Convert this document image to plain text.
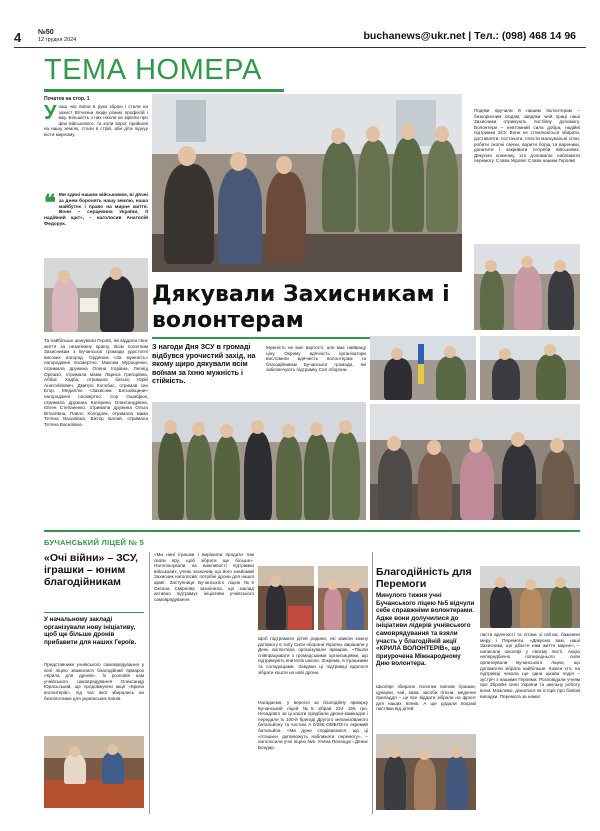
4 №50
12 грудня 2024	buchanews@ukr.net | Тел.: (098) 468 14 96
ТЕМА НОМЕРА
Початок на стор. 1
У наш час воїни в руки зброю і стали на захист Вітчизни люди різних професій і віку. Більшість з них ніколи не мріяли про фах військового, та коли ворог прийшов на нашу землю, стали в стрій, аби діти піднуу вісти мирному.
❝ Ми єдині нашим військовим, ві дячні за днем боронять нашу землю, наша майбутнє і право на мирне життя. Вони – серцевина України, її надійний щит», – наголосив Анатолій Федорук.
Та найбільше шанували Героїв, які віддали своє життя за незалежну країну. Всім полеглим Захисникам з Бучанської громади удостоєні високих нагород. Орденом «За мужність» нагороджені посмертно: Максим Мурощенко, отримала дружина Олена Ігорівна, Леонід Орешко, отримала мама Лариса Григорівна, Аббас Хадба, отримала батько Юрій Анатолійович, Дмитро Колобас, отримав син Егор. Медаллю «Захисник Батьківщини» нагороджені посмертно: Ігор Ошибрюк, отримала дружина Катерина Олександрівна, Євген Степаненко, отримала дружина Ольга Віталіївна, Павло Холодняк, отримала мама Тетяна Василівна, Віктор Балай, отримала Тетяна Василівна.
Дякували Захисникам і волонтерам
З нагоди Дня ЗСУ в громаді відбувся урочистий захід, на якому щиро дякували всім воїнам за їхню мужність і стійкість.
Мужність не має вартості, але має найвищу ціну. Окрему вдячність організатори висловили вдячність волонтерам та благодійникам Бучанської громади, які забезпечують підтримку Сил оборони.
Подяки вручили й нашим волонтерам – безкорисним людям, завдяки чиїй праці наші Захисники отримують постійну допомогу. Волонтери – невтомний сила добра, надійні підтримка ЗСУ. Вони не стомлюються збирати, доставляти, постачати, плести маскувальні сітки, робити окопні свічки, варити борщ та вареники, донатити і закривати потреби військових. Дякуємо кожному, хто допомагає наближати перемогу. Слава Україні! Слава нашим Героям!
БУЧАНСЬКИЙ ЛІЦЕЙ № 5
«Очі війни» – ЗСУ, іграшки – юним благодійникам
У начальному закладі організували нову ініціативу, щоб ще більше дронів прибавити для наших Героїв.
Представники учнівського самоврядування у колі ліцею зважилися благодійний ярмарок «Крила для дронів». Їх розповів нам учнівського самоврядування Олександр Юрасьський, ще продовжуючи акції «Крила волонтерів», під час якої збирались на безпілотники для українських воїнів.
«Ми нині іграшки і вирішили продати тим своїм яру, щоб зібрати ще більше». Наголошували на важливості підтримки військових, учень зазначив, що його знайомий Захисник наголосив: потрібні дрони для нашої армії. Заступниця Бучанського ліцею №5 Оксана Смірнова зазначила, що заклад активно підтримує ініціативи учнівського самоврядування.
Щоб підтримати дітей родини, які звикли кожну допомогу в тилу Сили оборони України, вирішили у День волонтера організували ярмарок. «Пішли співпрацювати з громадськими організаціями, що підтримують вчителів школи. Зокрема, й іграшками та солодощами. Завдяки ці підтримці вдалося зібрати кошти на нові дрони.
Нагадаємо, у вересні за благодійну ярмарку Бучанський ліцей №5 зібрав 224 156 грн. Незадовго за ці кошти придбали дрони-камікадзе і передали їх 100-й бригаді Другого механізованого батальйону та частині A 0/295 ОМБП3-го окремий батальйон. «Ми дуже сподіваємося, що ці «пташки» допоможуть наближати перемогу», – наголосили учні ліцею №5. Уляна Пелещук і Денис Бондар.
Благодійність для Перемоги
Минулого тижня учні Бучанського ліцею №5 відчули себе справжніми волонтерами. Адже вони долучилися до ініціативи лідерів учнівського самоврядування та взяли участь у благодійній акції «КРИЛА ВОЛОНТЕРІВ», що приурочена Міжнародному Дню волонтера.
Школярі збирали посилки воїнам іграшки, цукерки, чай, кава, засоби гігієни, медичне приладдя – це все віддати зібрали на фронт для наших воїнів. А ще додали яскраві листівки від дітей.
листи вдячності та літаки зі світом, бажаючи миру і Перемоги. «Дякуємо вам, наші Захисники, що дбаєте нам життя мирне», – написали школярі у своєму листі. Акцію непередбачно попереднього сили організували Бучанського ліцею, що допомогли зібрати найбільше. Кожен хто, на підтримці чекала ще одна цікава подія – зустріч з нашими Героями. Розповідали учням про Збройні сили України та шкільну роботу вони. Можливо, дізнатися їм історії про бойові випадки. Перемога за нами!
